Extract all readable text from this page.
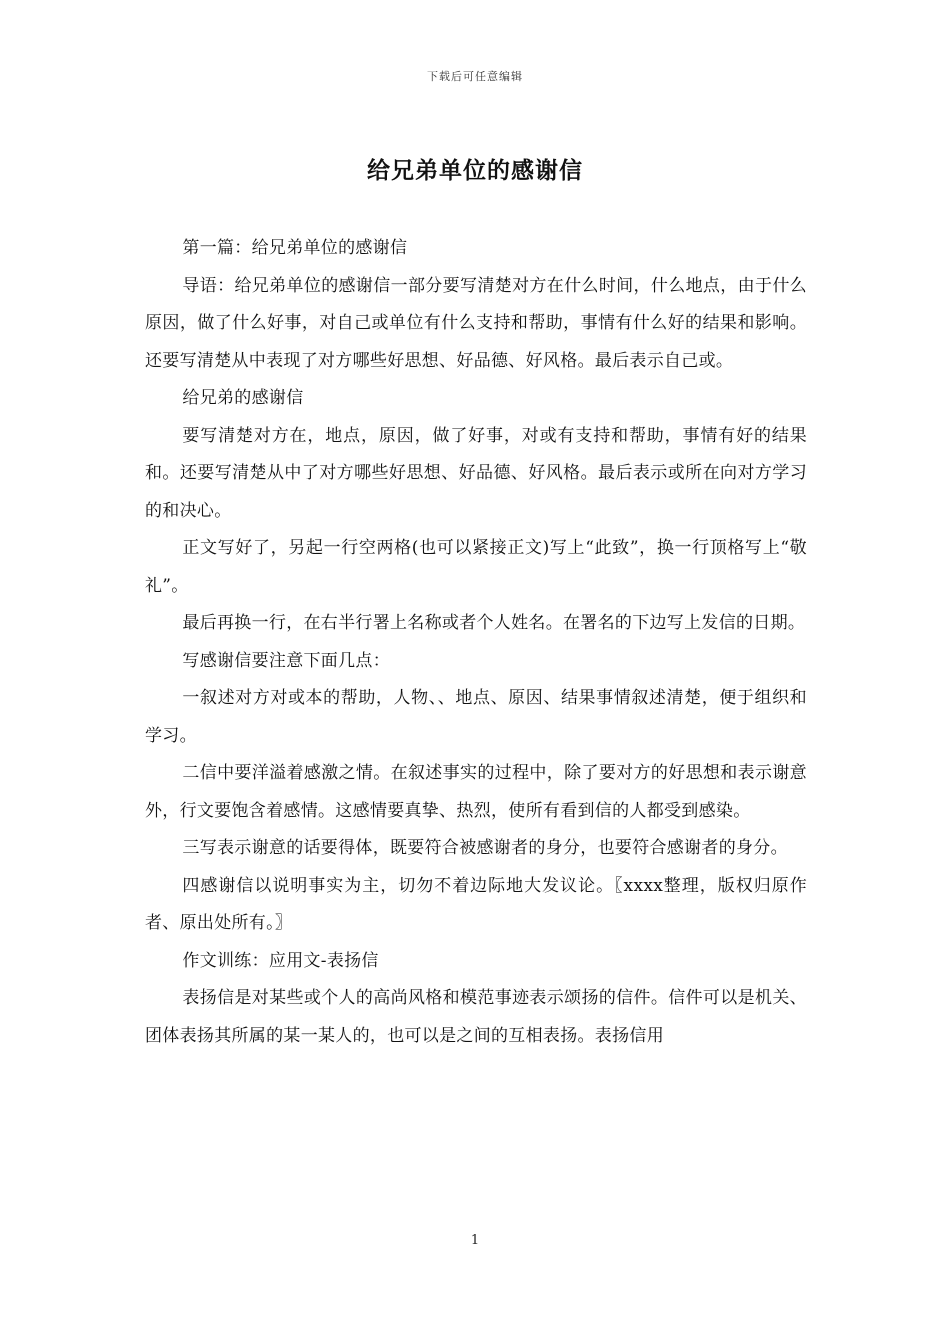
下载后可任意编辑
给兄弟单位的感谢信

第一篇：给兄弟单位的感谢信

导语：给兄弟单位的感谢信一部分要写清楚对方在什么时间，什么地点，由于什么原因，做了什么好事，对自己或单位有什么支持和帮助，事情有什么好的结果和影响。还要写清楚从中表现了对方哪些好思想、好品德、好风格。最后表示自己或。

给兄弟的感谢信

要写清楚对方在，地点，原因，做了好事，对或有支持和帮助，事情有好的结果和。还要写清楚从中了对方哪些好思想、好品德、好风格。最后表示或所在向对方学习的和决心。

正文写好了，另起一行空两格(也可以紧接正文)写上“此致”，换一行顶格写上“敬礼”。

最后再换一行，在右半行署上名称或者个人姓名。在署名的下边写上发信的日期。

写感谢信要注意下面几点：

一叙述对方对或本的帮助，人物、、地点、原因、结果事情叙述清楚，便于组织和学习。

二信中要洋溢着感激之情。在叙述事实的过程中，除了要对方的好思想和表示谢意外，行文要饱含着感情。这感情要真挚、热烈，使所有看到信的人都受到感染。

三写表示谢意的话要得体，既要符合被感谢者的身分，也要符合感谢者的身分。

四感谢信以说明事实为主，切勿不着边际地大发议论。〖xxxx整理，版权归原作者、原出处所有。〗

作文训练：应用文-表扬信

表扬信是对某些或个人的高尚风格和模范事迹表示颂扬的信件。信件可以是机关、团体表扬其所属的某一某人的，也可以是之间的互相表扬。表扬信用

1
